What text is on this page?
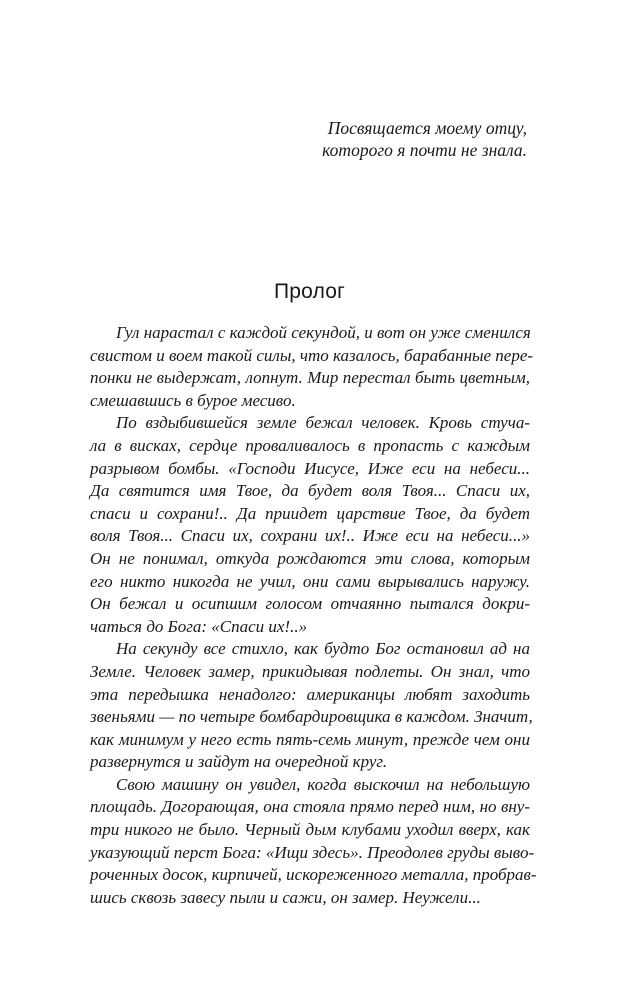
Посвящается моему отцу,
которого я почти не знала.
Пролог
Гул нарастал с каждой секундой, и вот он уже сменился
свистом и воем такой силы, что казалось, барабанные пере-
понки не выдержат, лопнут. Мир перестал быть цветным,
смешавшись в бурое месиво.
По вздыбившейся земле бежал человек. Кровь стуча-
ла в висках, сердце проваливалось в пропасть с каждым
разрывом бомбы. «Господи Иисусе, Иже еси на небеси...
Да святится имя Твое, да будет воля Твоя... Спаси их,
спаси и сохрани!.. Да приидет царствие Твое, да будет
воля Твоя... Спаси их, сохрани их!.. Иже еси на небеси...»
Он не понимал, откуда рождаются эти слова, которым
его никто никогда не учил, они сами вырывались наружу.
Он бежал и осипшим голосом отчаянно пытался докри-
чаться до Бога: «Спаси их!..»
На секунду все стихло, как будто Бог остановил ад на
Земле. Человек замер, прикидывая подлеты. Он знал, что
эта передышка ненадолго: американцы любят заходить
звеньями — по четыре бомбардировщика в каждом. Значит,
как минимум у него есть пять-семь минут, прежде чем они
развернутся и зайдут на очередной круг.
Свою машину он увидел, когда выскочил на небольшую
площадь. Догорающая, она стояла прямо перед ним, но вну-
три никого не было. Черный дым клубами уходил вверх, как
указующий перст Бога: «Ищи здесь». Преодолев груды выво-
роченных досок, кирпичей, искореженного металла, пробрав-
шись сквозь завесу пыли и сажи, он замер. Неужели...
